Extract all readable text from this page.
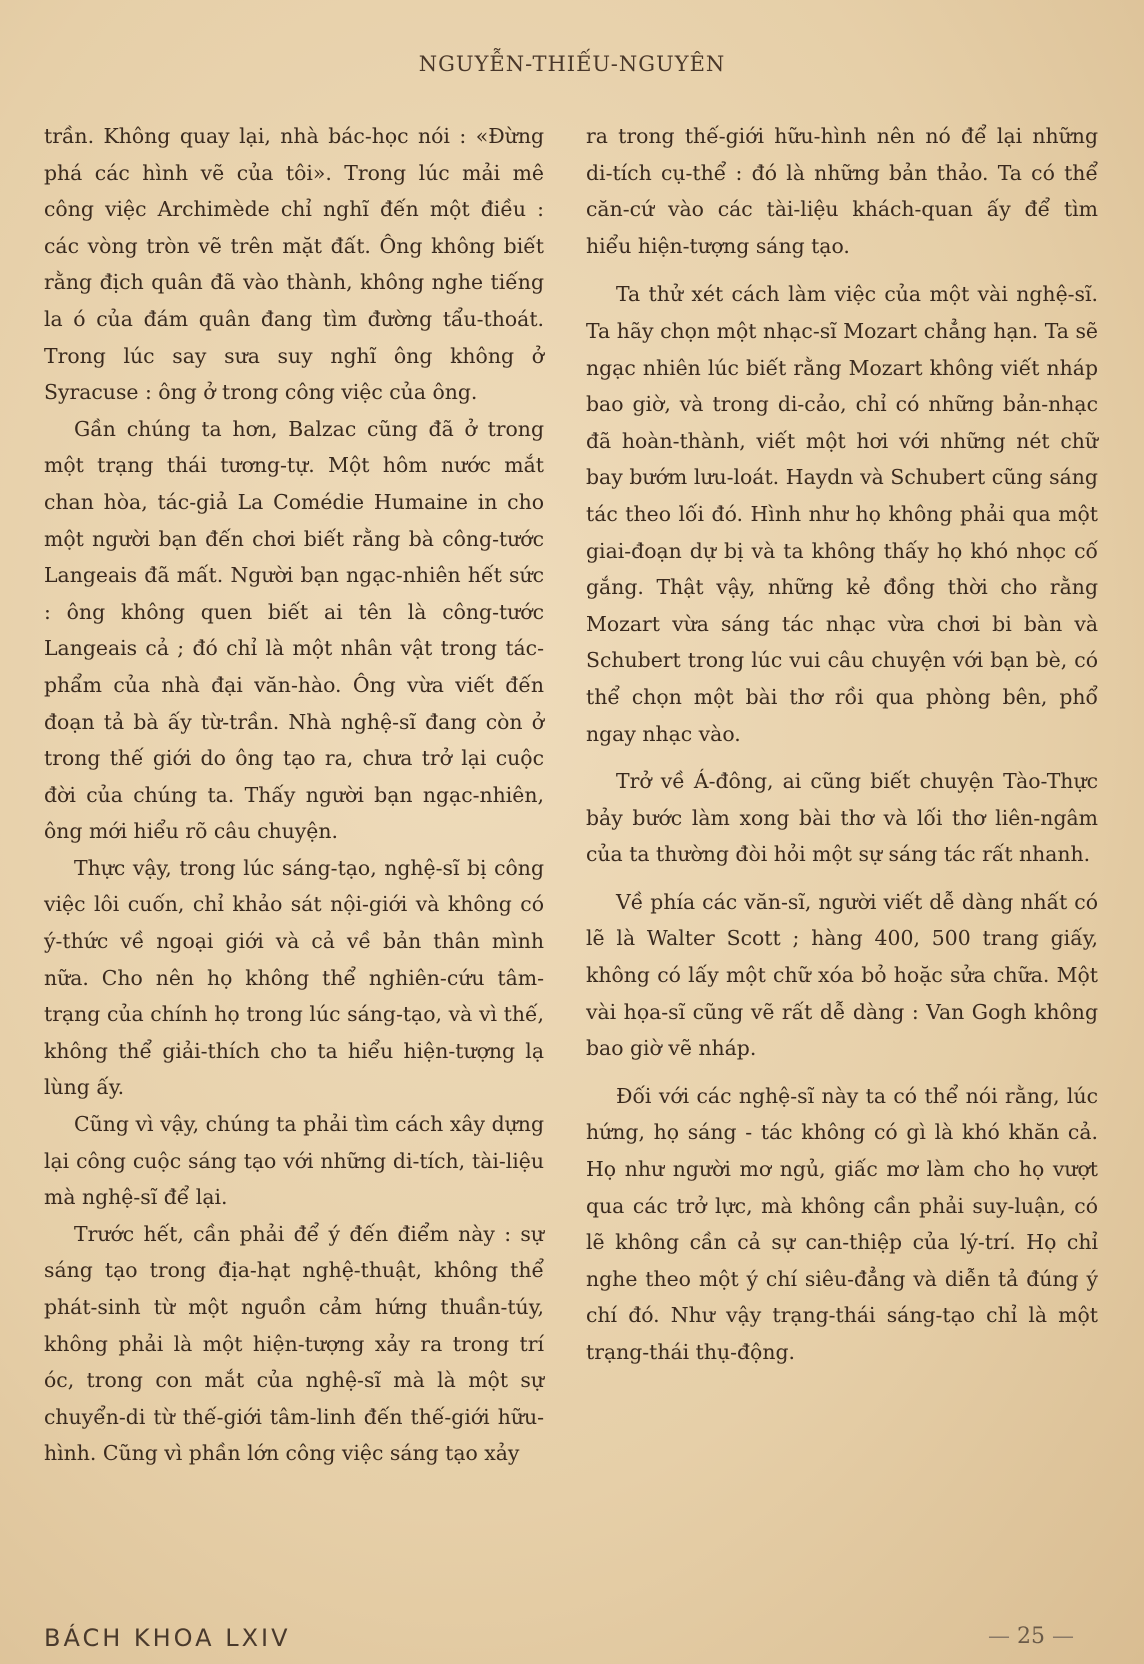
NGUYỄN-THIẾU-NGUYÊN

trần. Không quay lại, nhà bác-học nói : «Đừng phá các hình vẽ của tôi». Trong lúc mải mê công việc Archimède chỉ nghĩ đến một điều : các vòng tròn vẽ trên mặt đất. Ông không biết rằng địch quân đã vào thành, không nghe tiếng la ó của đám quân đang tìm đường tẩu-thoát. Trong lúc say sưa suy nghĩ ông không ở Syracuse : ông ở trong công việc của ông.

Gần chúng ta hơn, Balzac cũng đã ở trong một trạng thái tương-tự. Một hôm nước mắt chan hòa, tác-giả La Comédie Humaine in cho một người bạn đến chơi biết rằng bà công-tước Langeais đã mất. Người bạn ngạc-nhiên hết sức : ông không quen biết ai tên là công-tước Langeais cả ; đó chỉ là một nhân vật trong tác-phẩm của nhà đại văn-hào. Ông vừa viết đến đoạn tả bà ấy từ-trần. Nhà nghệ-sĩ đang còn ở trong thế giới do ông tạo ra, chưa trở lại cuộc đời của chúng ta. Thấy người bạn ngạc-nhiên, ông mới hiểu rõ câu chuyện.

Thực vậy, trong lúc sáng-tạo, nghệ-sĩ bị công việc lôi cuốn, chỉ khảo sát nội-giới và không có ý-thức về ngoại giới và cả về bản thân mình nữa. Cho nên họ không thể nghiên-cứu tâm-trạng của chính họ trong lúc sáng-tạo, và vì thế, không thể giải-thích cho ta hiểu hiện-tượng lạ lùng ấy.

Cũng vì vậy, chúng ta phải tìm cách xây dựng lại công cuộc sáng tạo với những di-tích, tài-liệu mà nghệ-sĩ để lại.

Trước hết, cần phải để ý đến điểm này : sự sáng tạo trong địa-hạt nghệ-thuật, không thể phát-sinh từ một nguồn cảm hứng thuần-túy, không phải là một hiện-tượng xảy ra trong trí óc, trong con mắt của nghệ-sĩ mà là một sự chuyển-di từ thế-giới tâm-linh đến thế-giới hữu-hình. Cũng vì phần lớn công việc sáng tạo xảy

ra trong thế-giới hữu-hình nên nó để lại những di-tích cụ-thể : đó là những bản thảo. Ta có thể căn-cứ vào các tài-liệu khách-quan ấy để tìm hiểu hiện-tượng sáng tạo.

Ta thử xét cách làm việc của một vài nghệ-sĩ. Ta hãy chọn một nhạc-sĩ Mozart chẳng hạn. Ta sẽ ngạc nhiên lúc biết rằng Mozart không viết nháp bao giờ, và trong di-cảo, chỉ có những bản-nhạc đã hoàn-thành, viết một hơi với những nét chữ bay bướm lưu-loát. Haydn và Schubert cũng sáng tác theo lối đó. Hình như họ không phải qua một giai-đoạn dự bị và ta không thấy họ khó nhọc cố gắng. Thật vậy, những kẻ đồng thời cho rằng Mozart vừa sáng tác nhạc vừa chơi bi bàn và Schubert trong lúc vui câu chuyện với bạn bè, có thể chọn một bài thơ rồi qua phòng bên, phổ ngay nhạc vào.

Trở về Á-đông, ai cũng biết chuyện Tào-Thực bảy bước làm xong bài thơ và lối thơ liên-ngâm của ta thường đòi hỏi một sự sáng tác rất nhanh.

Về phía các văn-sĩ, người viết dễ dàng nhất có lẽ là Walter Scott ; hàng 400, 500 trang giấy, không có lấy một chữ xóa bỏ hoặc sửa chữa. Một vài họa-sĩ cũng vẽ rất dễ dàng : Van Gogh không bao giờ vẽ nháp.

Đối với các nghệ-sĩ này ta có thể nói rằng, lúc hứng, họ sáng - tác không có gì là khó khăn cả. Họ như người mơ ngủ, giấc mơ làm cho họ vượt qua các trở lực, mà không cần phải suy-luận, có lẽ không cần cả sự can-thiệp của lý-trí. Họ chỉ nghe theo một ý chí siêu-đẳng và diễn tả đúng ý chí đó. Như vậy trạng-thái sáng-tạo chỉ là một trạng-thái thụ-động.

BÁCH KHOA LXIV	— 25 —
